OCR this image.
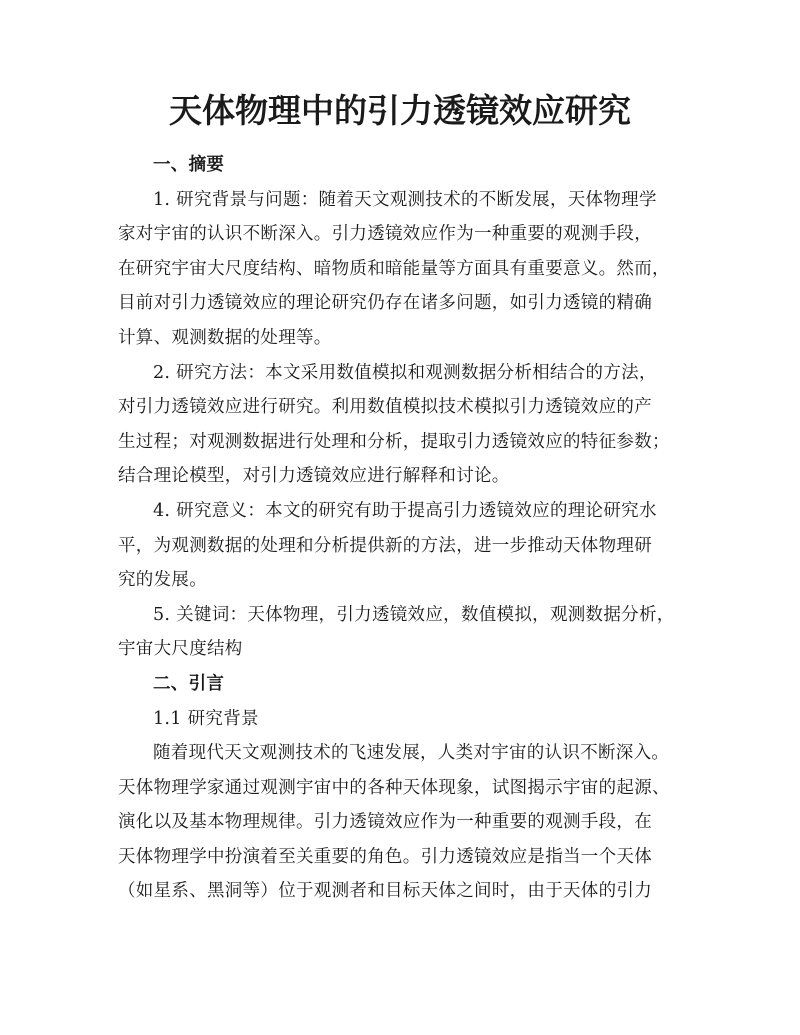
天体物理中的引力透镜效应研究
一、摘要
1. 研究背景与问题：随着天文观测技术的不断发展，天体物理学
家对宇宙的认识不断深入。引力透镜效应作为一种重要的观测手段，
在研究宇宙大尺度结构、暗物质和暗能量等方面具有重要意义。然而，
目前对引力透镜效应的理论研究仍存在诸多问题，如引力透镜的精确
计算、观测数据的处理等。
2. 研究方法：本文采用数值模拟和观测数据分析相结合的方法，
对引力透镜效应进行研究。利用数值模拟技术模拟引力透镜效应的产
生过程；对观测数据进行处理和分析，提取引力透镜效应的特征参数；
结合理论模型，对引力透镜效应进行解释和讨论。
4. 研究意义：本文的研究有助于提高引力透镜效应的理论研究水
平，为观测数据的处理和分析提供新的方法，进一步推动天体物理研
究的发展。
5. 关键词：天体物理，引力透镜效应，数值模拟，观测数据分析，
宇宙大尺度结构
二、引言
1.1 研究背景
随着现代天文观测技术的飞速发展，人类对宇宙的认识不断深入。
天体物理学家通过观测宇宙中的各种天体现象，试图揭示宇宙的起源、
演化以及基本物理规律。引力透镜效应作为一种重要的观测手段，在
天体物理学中扮演着至关重要的角色。引力透镜效应是指当一个天体
（如星系、黑洞等）位于观测者和目标天体之间时，由于天体的引力
